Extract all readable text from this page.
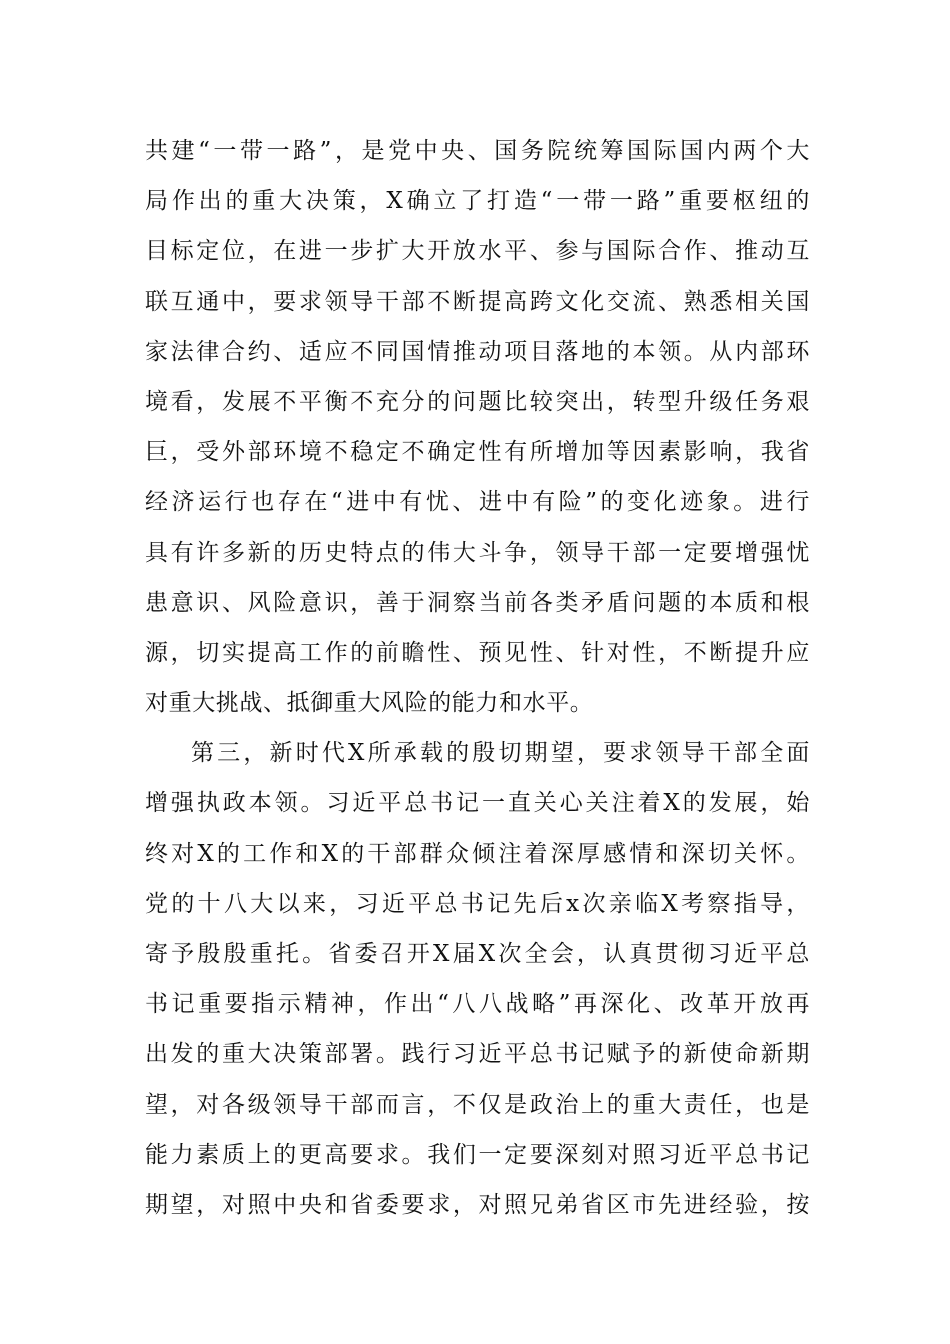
共建“一带一路”，是党中央、国务院统筹国际国内两个大
局作出的重大决策，X确立了打造“一带一路”重要枢纽的
目标定位，在进一步扩大开放水平、参与国际合作、推动互
联互通中，要求领导干部不断提高跨文化交流、熟悉相关国
家法律合约、适应不同国情推动项目落地的本领。从内部环
境看，发展不平衡不充分的问题比较突出，转型升级任务艰
巨，受外部环境不稳定不确定性有所增加等因素影响，我省
经济运行也存在“进中有忧、进中有险”的变化迹象。进行
具有许多新的历史特点的伟大斗争，领导干部一定要增强忧
患意识、风险意识，善于洞察当前各类矛盾问题的本质和根
源，切实提高工作的前瞻性、预见性、针对性，不断提升应
对重大挑战、抵御重大风险的能力和水平。
第三，新时代X所承载的殷切期望，要求领导干部全面
增强执政本领。习近平总书记一直关心关注着X的发展，始
终对X的工作和X的干部群众倾注着深厚感情和深切关怀。
党的十八大以来，习近平总书记先后x次亲临X考察指导，
寄予殷殷重托。省委召开X届X次全会，认真贯彻习近平总
书记重要指示精神，作出“八八战略”再深化、改革开放再
出发的重大决策部署。践行习近平总书记赋予的新使命新期
望，对各级领导干部而言，不仅是政治上的重大责任，也是
能力素质上的更高要求。我们一定要深刻对照习近平总书记
期望，对照中央和省委要求，对照兄弟省区市先进经验，按
